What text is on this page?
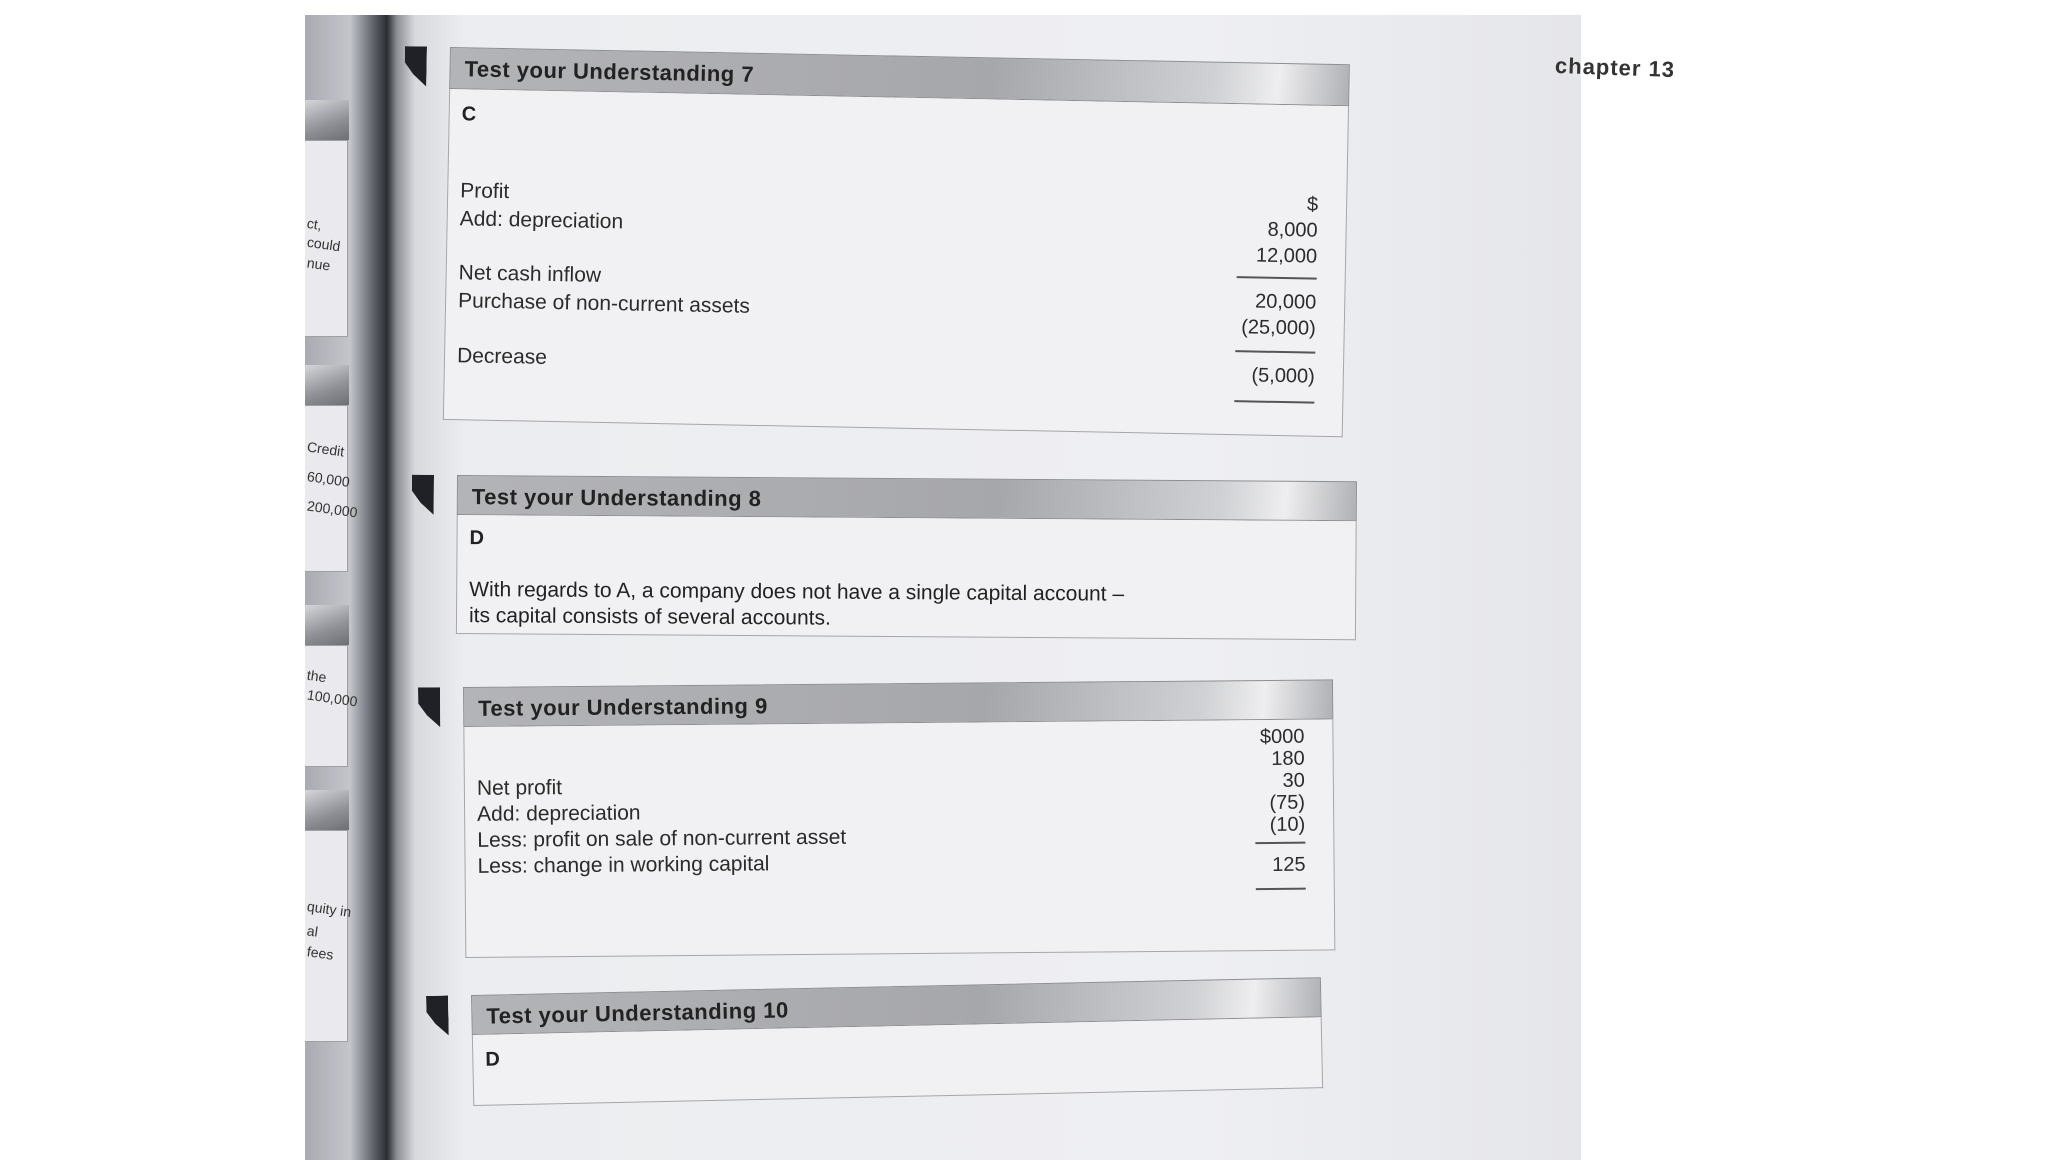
ct,
could
nue
Credit
60,000
200,000
the
100,000
quity in
al
fees
chapter 13
Test your Understanding 7
C
$
Profit
8,000
Add: depreciation
12,000
Net cash inflow
20,000
Purchase of non-current assets
(25,000)
Decrease
(5,000)
Test your Understanding 8
D
With regards to A, a company does not have a single capital account –
its capital consists of several accounts.
Test your Understanding 9
$000
180
30
(75)
(10)
125
Net profit
Add: depreciation
Less: profit on sale of non-current asset
Less: change in working capital
Test your Understanding 10
D
